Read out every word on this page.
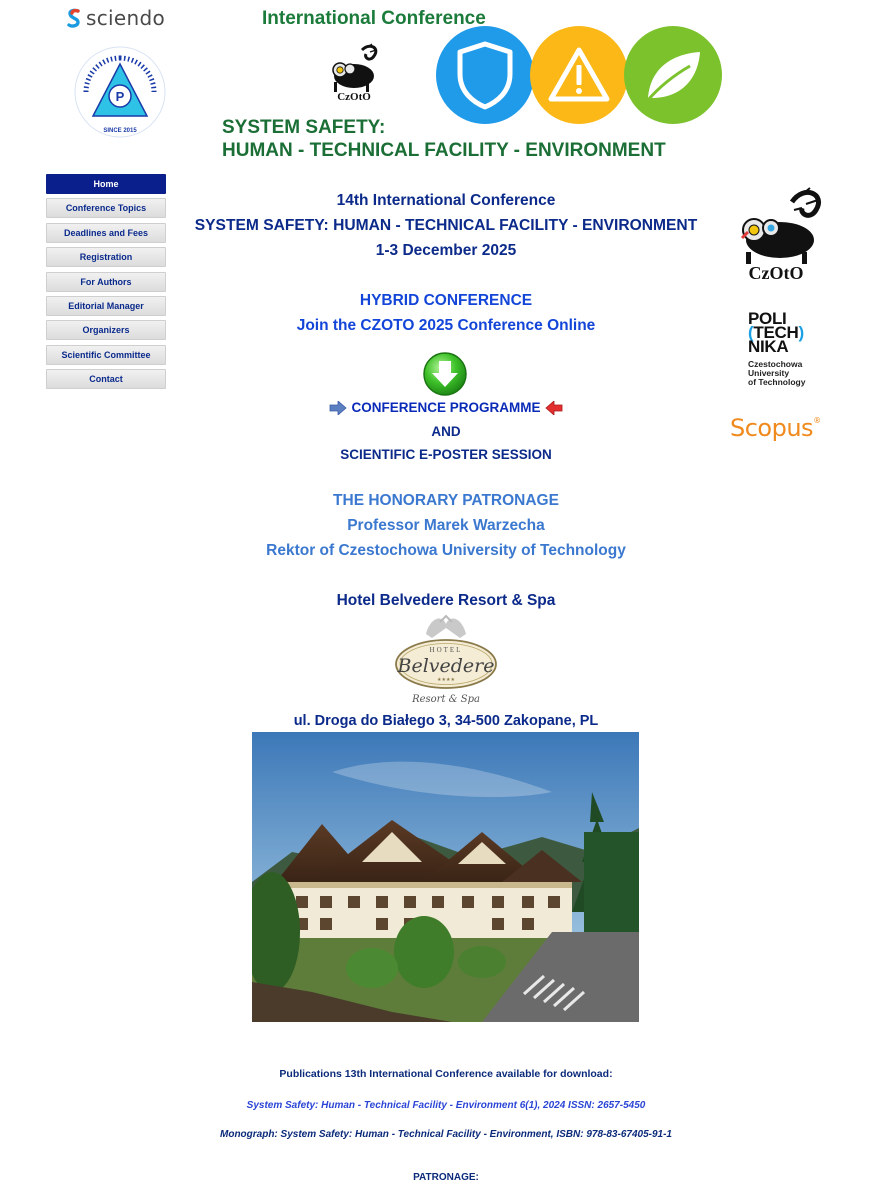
sciendo
P
SINCE 2015
International Conference
CzOtO
SYSTEM SAFETY:
HUMAN - TECHNICAL FACILITY - ENVIRONMENT
Home
Conference Topics
Deadlines and Fees
Registration
For Authors
Editorial Manager
Organizers
Scientific Committee
Contact
CzOtO
POLI
(TECH)
NIKA
Czestochowa
University
of Technology
Scopus®
14th International Conference
SYSTEM SAFETY: HUMAN - TECHNICAL FACILITY - ENVIRONMENT
1-3 December 2025
HYBRID CONFERENCE
Join the CZOTO 2025 Conference Online
CONFERENCE PROGRAMME
AND
SCIENTIFIC E-POSTER SESSION
THE HONORARY PATRONAGE
Professor Marek Warzecha
Rektor of Czestochowa University of Technology
Hotel Belvedere Resort & Spa
HOTEL
Belvedere
★★★★
Resort & Spa
ul. Droga do Białego 3, 34-500 Zakopane, PL
Publications 13th International Conference available for download:
System Safety: Human - Technical Facility - Environment 6(1), 2024 ISSN: 2657-5450
Monograph: System Safety: Human - Technical Facility - Environment, ISBN: 978-83-67405-91-1
PATRONAGE:
